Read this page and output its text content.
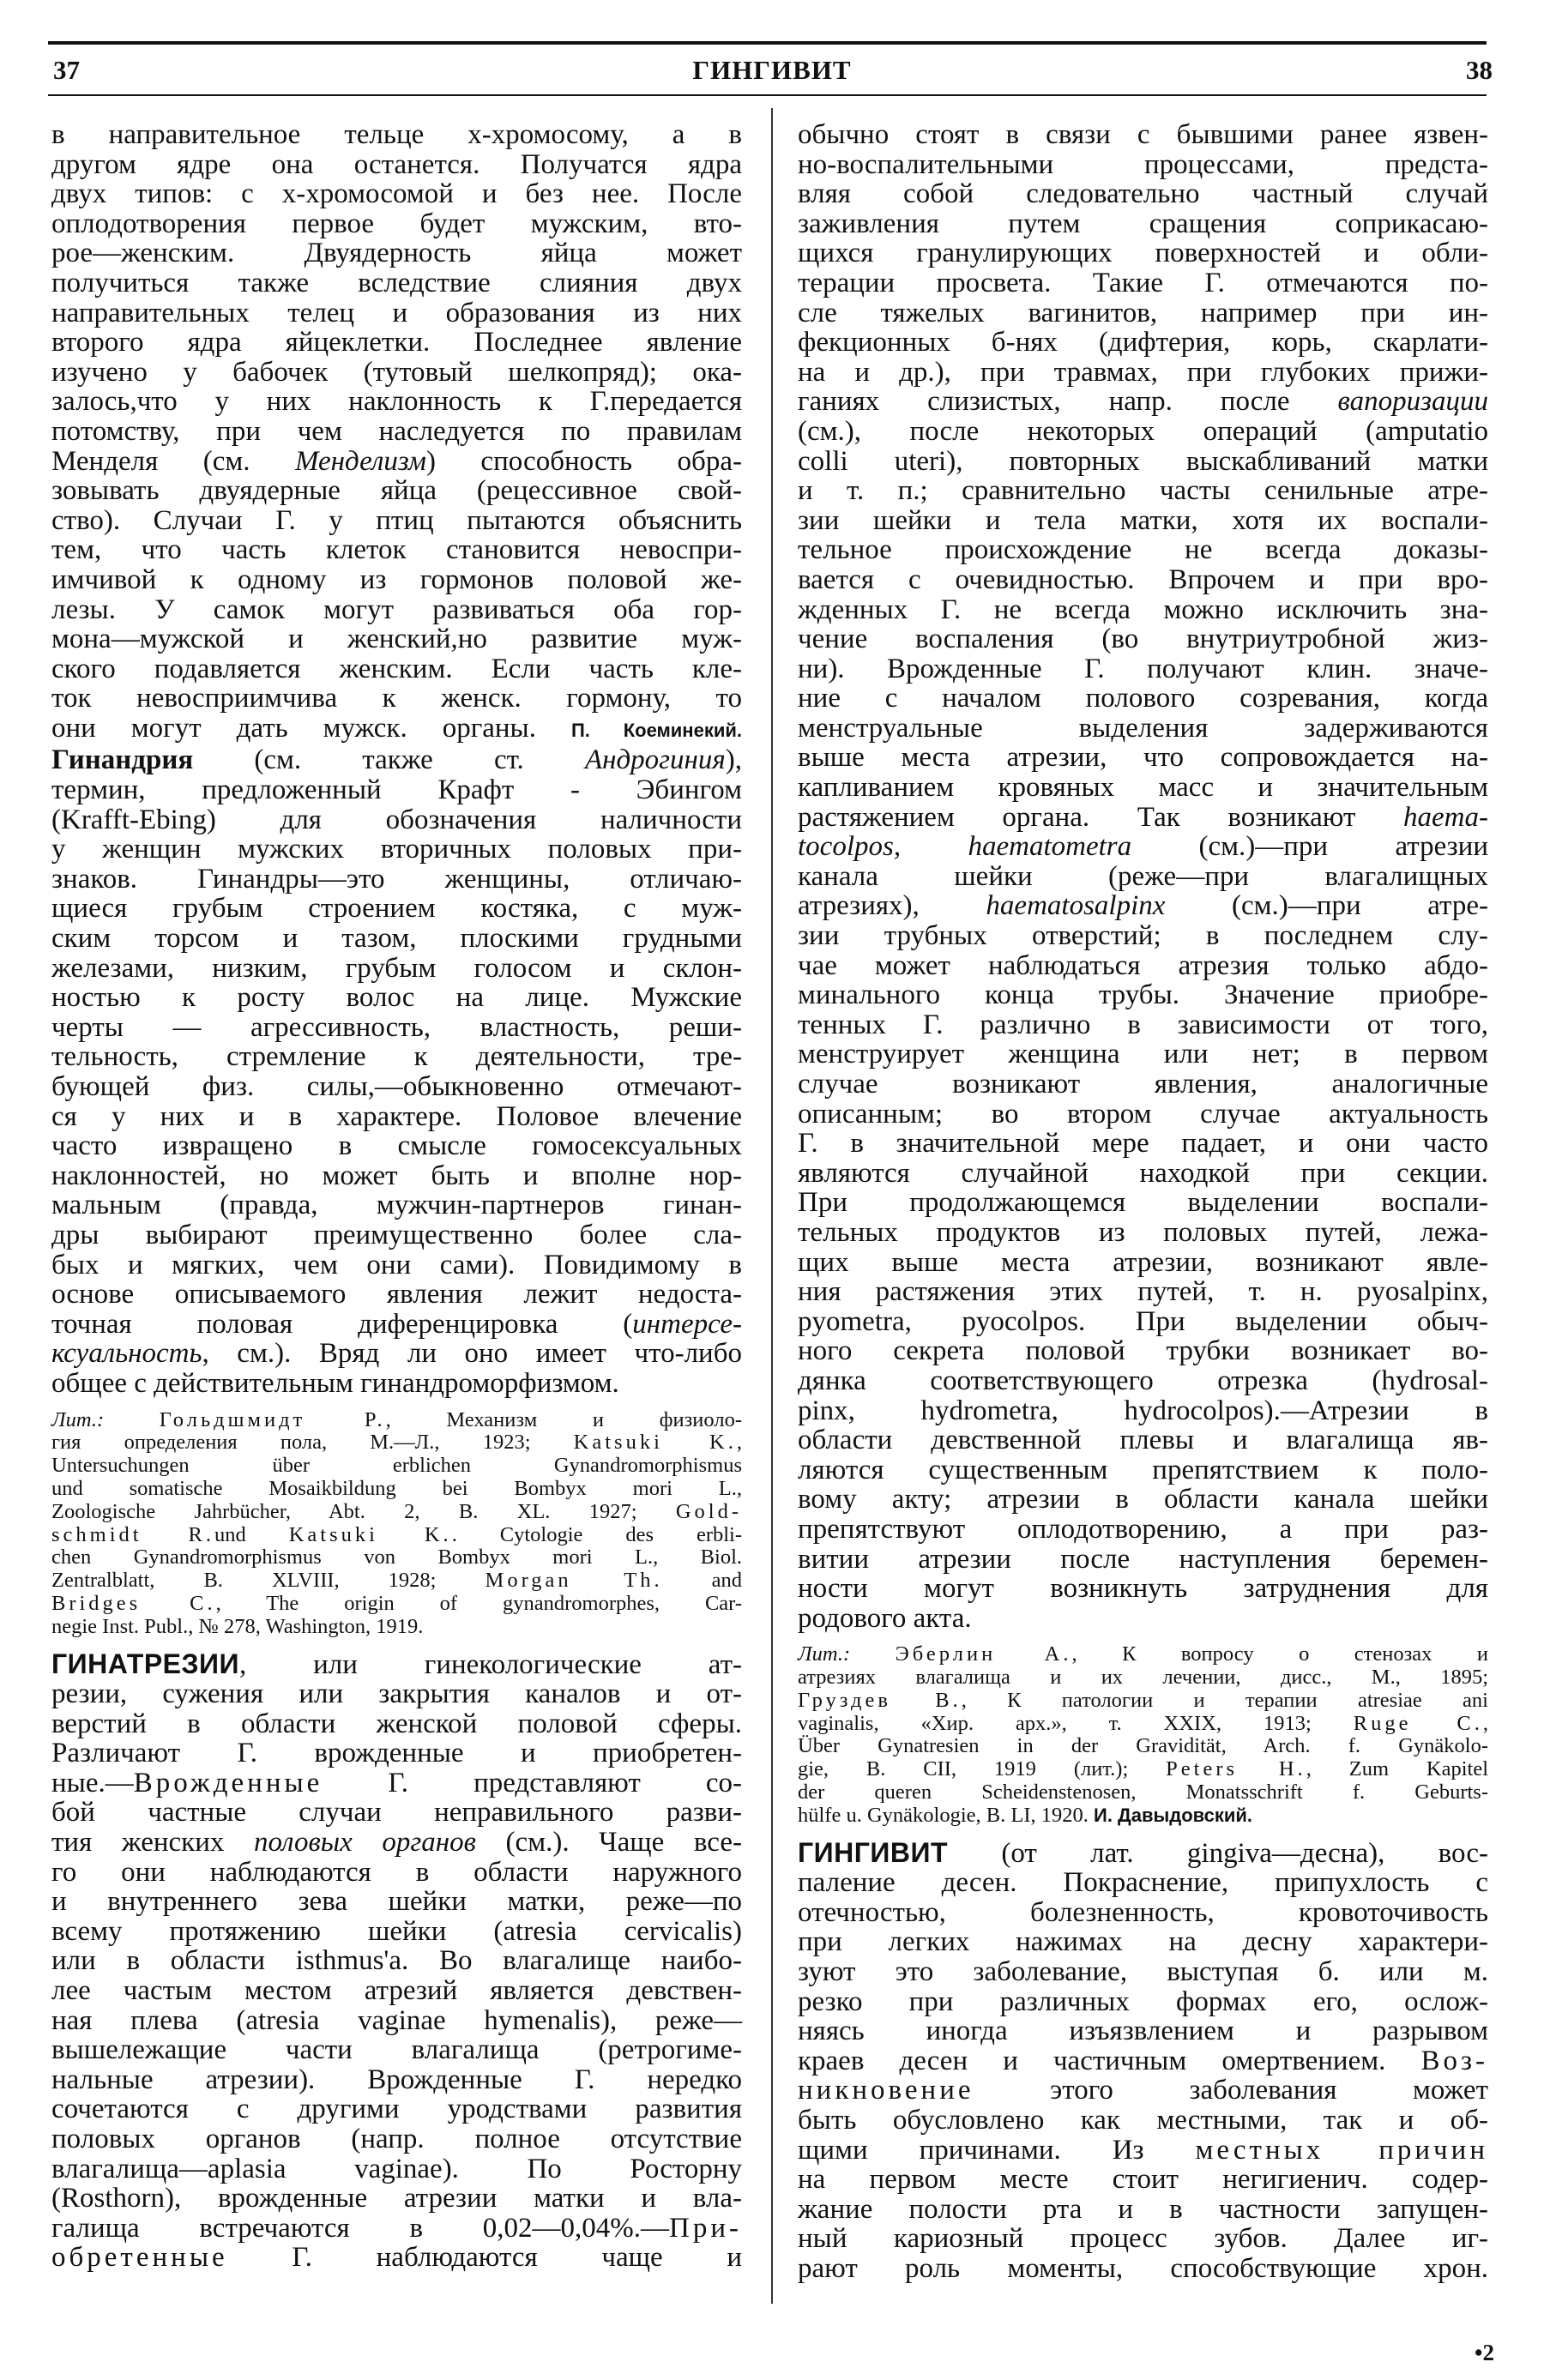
37	ГИНГИВИТ	38

в направительное тельце x-хромосому, а в

другом ядре она останется. Получатся ядра

двух типов: с x-хромосомой и без нее. После

оплодотворения первое будет мужским, вто-

рое—женским. Двуядерность яйца может

получиться также вследствие слияния двух

направительных телец и образования из них

второго ядра яйцеклетки. Последнее явление

изучено у бабочек (тутовый шелкопряд); ока-

залось,что у них наклонность к Г.передается

потомству, при чем наследуется по правилам

Менделя (см. Менделизм) способность обра-

зовывать двуядерные яйца (рецессивное свой-

ство). Случаи Г. у птиц пытаются объяснить

тем, что часть клеток становится невоспри-

имчивой к одному из гормонов половой же-

лезы. У самок могут развиваться оба гор-

мона—мужской и женский,но развитие муж-

ского подавляется женским. Если часть кле-

ток невосприимчива к женск. гормону, то

они могут дать мужск. органы. П. Коеминекий.

Гинандрия (см. также ст. Андрогиния),

термин, предложенный Крафт - Эбингом

(Krafft-Ebing) для обозначения наличности

у женщин мужских вторичных половых при-

знаков. Гинандры—это женщины, отличаю-

щиеся грубым строением костяка, с муж-

ским торсом и тазом, плоскими грудными

железами, низким, грубым голосом и склон-

ностью к росту волос на лице. Мужские

черты — агрессивность, властность, реши-

тельность, стремление к деятельности, тре-

бующей физ. силы,—обыкновенно отмечают-

ся у них и в характере. Половое влечение

часто извращено в смысле гомосексуальных

наклонностей, но может быть и вполне нор-

мальным (правда, мужчин-партнеров гинан-

дры выбирают преимущественно более сла-

бых и мягких, чем они сами). Повидимому в

основе описываемого явления лежит недоста-

точная половая диференцировка (интерсе-

ксуальность, см.). Вряд ли оно имеет что-либо

общее с действительным гинандроморфизмом.

Лит.: Гольдшмидт Р., Механизм и физиоло-

гия определения пола, М.—Л., 1923; Katsuki K.,

Untersuchungen über erblichen Gynandromorphismus

und somatische Mosaikbildung bei Bombyx mori L.,

Zoologische Jahrbücher, Abt. 2, B. XL. 1927; Gold-

schmidt R.und Katsuki K.. Cytologie des erbli-

chen Gynandromorphismus von Bombyx mori L., Biol.

Zentralblatt, B. XLVIII, 1928; Morgan Th. and

Bridges C., The origin of gynandromorphes, Car-

negie Inst. Publ., № 278, Washington, 1919.

ГИНАТРЕЗИИ, или гинекологические ат-

резии, сужения или закрытия каналов и от-

верстий в области женской половой сферы.

Различают Г. врожденные и приобретен-

ные.—Врожденные Г. представляют со-

бой частные случаи неправильного разви-

тия женских половых органов (см.). Чаще все-

го они наблюдаются в области наружного

и внутреннего зева шейки матки, реже—по

всему протяжению шейки (atresia cervicalis)

или в области isthmus'a. Во влагалище наибо-

лее частым местом атрезий является девствен-

ная плева (atresia vaginae hymenalis), реже—

вышележащие части влагалища (ретрогиме-

нальные атрезии). Врожденные Г. нередко

сочетаются с другими уродствами развития

половых органов (напр. полное отсутствие

влагалища—aplasia vaginae). По Росторну

(Rosthorn), врожденные атрезии матки и вла-

галища встречаются в 0,02—0,04%.—При-

обретенные Г. наблюдаются чаще и

обычно стоят в связи с бывшими ранее язвен-

но-воспалительными процессами, предста-

вляя собой следовательно частный случай

заживления путем сращения соприкасаю-

щихся гранулирующих поверхностей и обли-

терации просвета. Такие Г. отмечаются по-

сле тяжелых вагинитов, например при ин-

фекционных б-нях (дифтерия, корь, скарлати-

на и др.), при травмах, при глубоких прижи-

ганиях слизистых, напр. после вапоризации

(см.), после некоторых операций (amputatio

colli uteri), повторных выскабливаний матки

и т. п.; сравнительно часты сенильные атре-

зии шейки и тела матки, хотя их воспали-

тельное происхождение не всегда доказы-

вается с очевидностью. Впрочем и при вро-

жденных Г. не всегда можно исключить зна-

чение воспаления (во внутриутробной жиз-

ни). Врожденные Г. получают клин. значе-

ние с началом полового созревания, когда

менструальные выделения задерживаются

выше места атрезии, что сопровождается на-

капливанием кровяных масс и значительным

растяжением органа. Так возникают haema-

tocolpos, haematometra (см.)—при атрезии

канала шейки (реже—при влагалищных

атрезиях), haematosalpinx (см.)—при атре-

зии трубных отверстий; в последнем слу-

чае может наблюдаться атрезия только абдо-

минального конца трубы. Значение приобре-

тенных Г. различно в зависимости от того,

менструирует женщина или нет; в первом

случае возникают явления, аналогичные

описанным; во втором случае актуальность

Г. в значительной мере падает, и они часто

являются случайной находкой при секции.

При продолжающемся выделении воспали-

тельных продуктов из половых путей, лежа-

щих выше места атрезии, возникают явле-

ния растяжения этих путей, т. н. pyosalpinx,

pyometra, pyocolpos. При выделении обыч-

ного секрета половой трубки возникает во-

дянка соответствующего отрезка (hydrosal-

pinx, hydrometra, hydrocolpos).—Атрезии в

области девственной плевы и влагалища яв-

ляются существенным препятствием к поло-

вому акту; атрезии в области канала шейки

препятствуют оплодотворению, а при раз-

витии атрезии после наступления беремен-

ности могут возникнуть затруднения для

родового акта.

Лит.: Эберлин А., К вопросу о стенозах и

атрезиях влагалища и их лечении, дисс., М., 1895;

Груздев В., К патологии и терапии atresiae ani

vaginalis, «Хир. арх.», т. XXIX, 1913; Ruge C.,

Über Gynatresien in der Gravidität, Arch. f. Gynäkolo-

gie, B. CII, 1919 (лит.); Peters H., Zum Kapitel

der queren Scheidenstenosen, Monatsschrift f. Geburts-

hülfe u. Gynäkologie, B. LI, 1920. И. Давыдовский.

ГИНГИВИТ (от лат. gingiva—десна), вос-

паление десен. Покраснение, припухлость с

отечностью, болезненность, кровоточивость

при легких нажимах на десну характери-

зуют это заболевание, выступая б. или м.

резко при различных формах его, ослож-

няясь иногда изъязвлением и разрывом

краев десен и частичным омертвением. Воз-

никновение этого заболевания может

быть обусловлено как местными, так и об-

щими причинами. Из местных причин

на первом месте стоит негигиенич. содер-

жание полости рта и в частности запущен-

ный кариозный процесс зубов. Далее иг-

рают роль моменты, способствующие хрон.

•2
